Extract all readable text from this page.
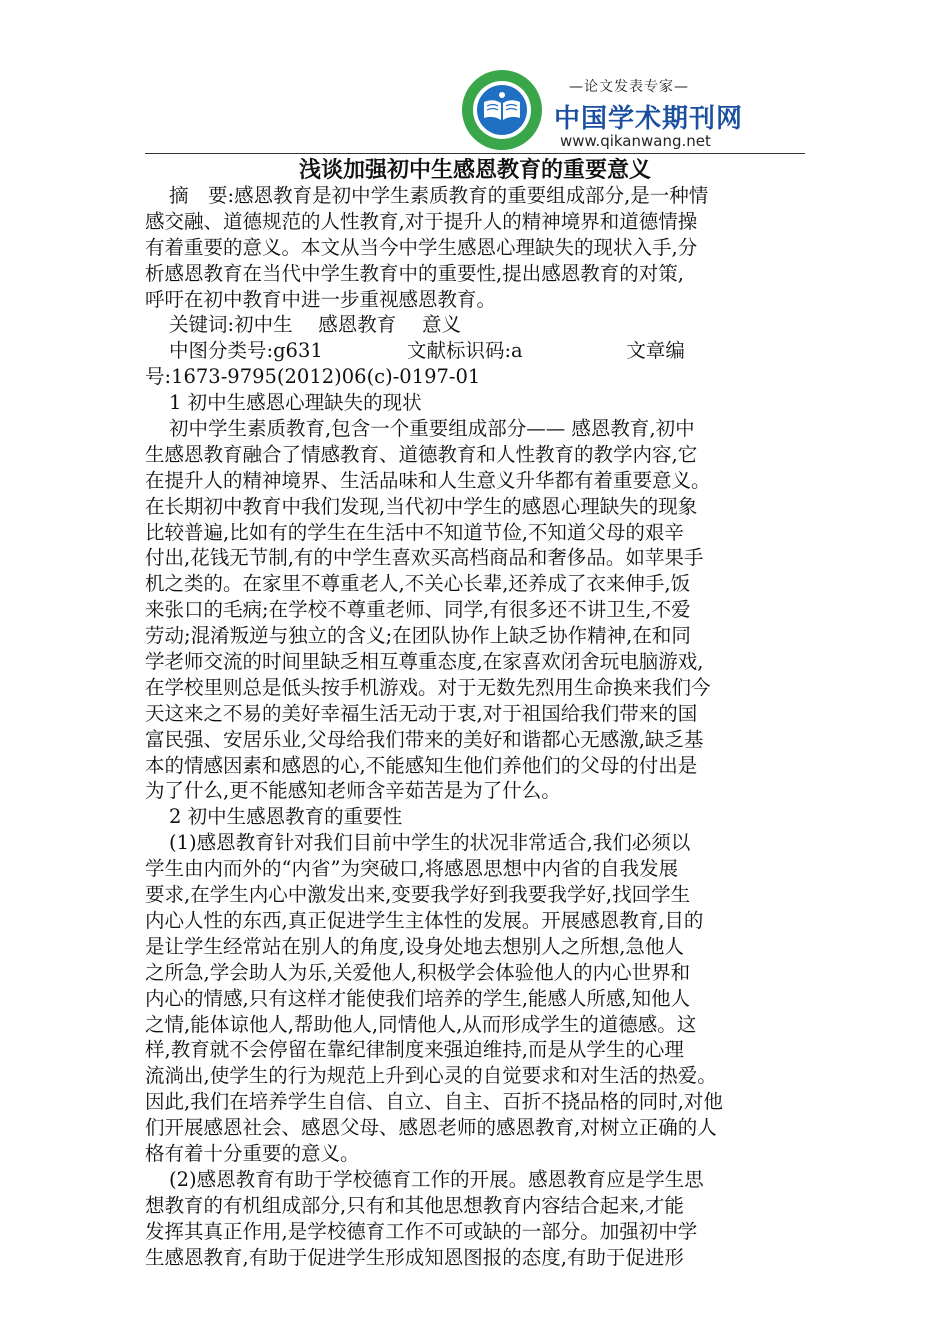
—论文发表专家—
中国学术期刊网
www.qikanwang.net
浅谈加强初中生感恩教育的重要意义
摘　要:感恩教育是初中学生素质教育的重要组成部分,是一种情
感交融、道德规范的人性教育,对于提升人的精神境界和道德情操
有着重要的意义。本文从当今中学生感恩心理缺失的现状入手,分
析感恩教育在当代中学生教育中的重要性,提出感恩教育的对策,
呼吁在初中教育中进一步重视感恩教育。
关键词:初中生　 感恩教育　 意义
中图分类号:g631　　　　 文献标识码:a　　　　　 文章编
号:1673-9795(2012)06(c)-0197-01
1 初中生感恩心理缺失的现状
初中学生素质教育,包含一个重要组成部分—— 感恩教育,初中
生感恩教育融合了情感教育、道德教育和人性教育的教学内容,它
在提升人的精神境界、生活品味和人生意义升华都有着重要意义。
在长期初中教育中我们发现,当代初中学生的感恩心理缺失的现象
比较普遍,比如有的学生在生活中不知道节俭,不知道父母的艰辛
付出,花钱无节制,有的中学生喜欢买高档商品和奢侈品。如苹果手
机之类的。在家里不尊重老人,不关心长辈,还养成了衣来伸手,饭
来张口的毛病;在学校不尊重老师、同学,有很多还不讲卫生,不爱
劳动;混淆叛逆与独立的含义;在团队协作上缺乏协作精神,在和同
学老师交流的时间里缺乏相互尊重态度,在家喜欢闭舍玩电脑游戏,
在学校里则总是低头按手机游戏。对于无数先烈用生命换来我们今
天这来之不易的美好幸福生活无动于衷,对于祖国给我们带来的国
富民强、安居乐业,父母给我们带来的美好和谐都心无感激,缺乏基
本的情感因素和感恩的心,不能感知生他们养他们的父母的付出是
为了什么,更不能感知老师含辛茹苦是为了什么。
2 初中生感恩教育的重要性
(1)感恩教育针对我们目前中学生的状况非常适合,我们必须以
学生由内而外的“内省”为突破口,将感恩思想中内省的自我发展
要求,在学生内心中激发出来,变要我学好到我要我学好,找回学生
内心人性的东西,真正促进学生主体性的发展。开展感恩教育,目的
是让学生经常站在别人的角度,设身处地去想别人之所想,急他人
之所急,学会助人为乐,关爱他人,积极学会体验他人的内心世界和
内心的情感,只有这样才能使我们培养的学生,能感人所感,知他人
之情,能体谅他人,帮助他人,同情他人,从而形成学生的道德感。这
样,教育就不会停留在靠纪律制度来强迫维持,而是从学生的心理
流淌出,使学生的行为规范上升到心灵的自觉要求和对生活的热爱。
因此,我们在培养学生自信、自立、自主、百折不挠品格的同时,对他
们开展感恩社会、感恩父母、感恩老师的感恩教育,对树立正确的人
格有着十分重要的意义。
(2)感恩教育有助于学校德育工作的开展。感恩教育应是学生思
想教育的有机组成部分,只有和其他思想教育内容结合起来,才能
发挥其真正作用,是学校德育工作不可或缺的一部分。加强初中学
生感恩教育,有助于促进学生形成知恩图报的态度,有助于促进形
